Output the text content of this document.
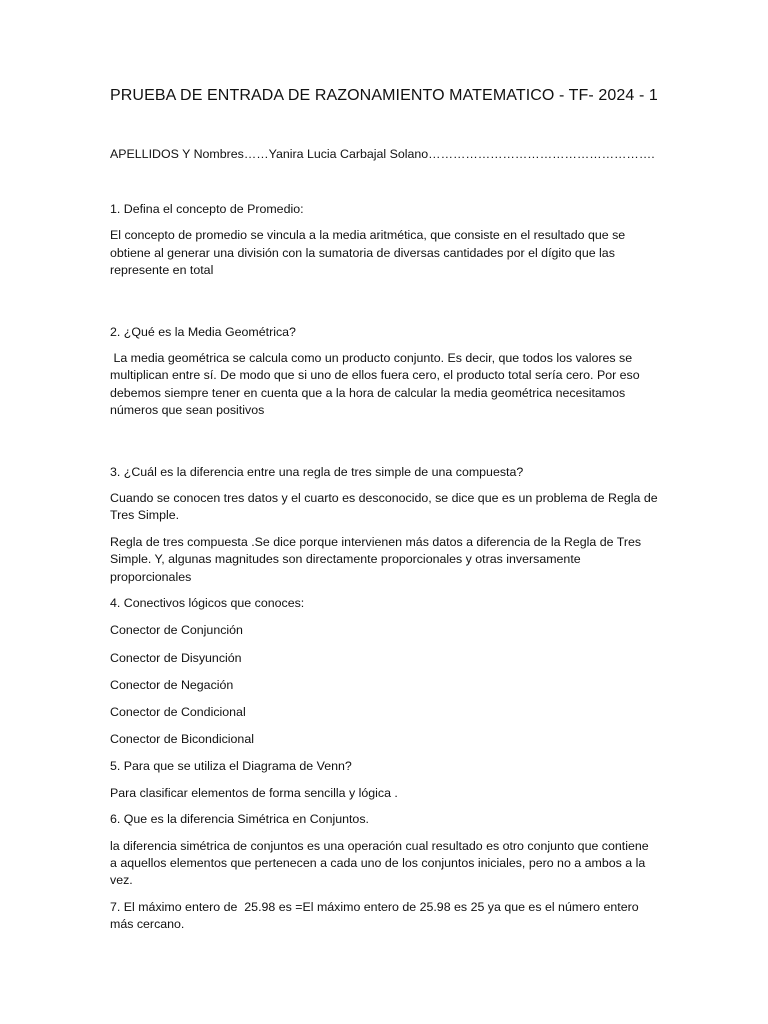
PRUEBA DE ENTRADA DE RAZONAMIENTO MATEMATICO - TF- 2024 - 1
APELLIDOS Y Nombres……Yanira Lucia Carbajal Solano……………………………………………….

1. Defina el concepto de Promedio:

El concepto de promedio se vincula a la media aritmética, que consiste en el resultado que se obtiene al generar una división con la sumatoria de diversas cantidades por el dígito que las represente en total

2. ¿Qué es la Media Geométrica?

La media geométrica se calcula como un producto conjunto. Es decir, que todos los valores se multiplican entre sí. De modo que si uno de ellos fuera cero, el producto total sería cero. Por eso debemos siempre tener en cuenta que a la hora de calcular la media geométrica necesitamos números que sean positivos

3. ¿Cuál es la diferencia entre una regla de tres simple de una compuesta?

Cuando se conocen tres datos y el cuarto es desconocido, se dice que es un problema de Regla de Tres Simple.

Regla de tres compuesta .Se dice porque intervienen más datos a diferencia de la Regla de Tres Simple. Y, algunas magnitudes son directamente proporcionales y otras inversamente proporcionales

4. Conectivos lógicos que conoces:

Conector de Conjunción

Conector de Disyunción

Conector de Negación

Conector de Condicional

Conector de Bicondicional

5. Para que se utiliza el Diagrama de Venn?

Para clasificar elementos de forma sencilla y lógica .

6. Que es la diferencia Simétrica en Conjuntos.

la diferencia simétrica de conjuntos es una operación cual resultado es otro conjunto que contiene a aquellos elementos que pertenecen a cada uno de los conjuntos iniciales, pero no a ambos a la vez.

7. El máximo entero de  25.98 es =El máximo entero de 25.98 es 25 ya que es el número entero más cercano.
